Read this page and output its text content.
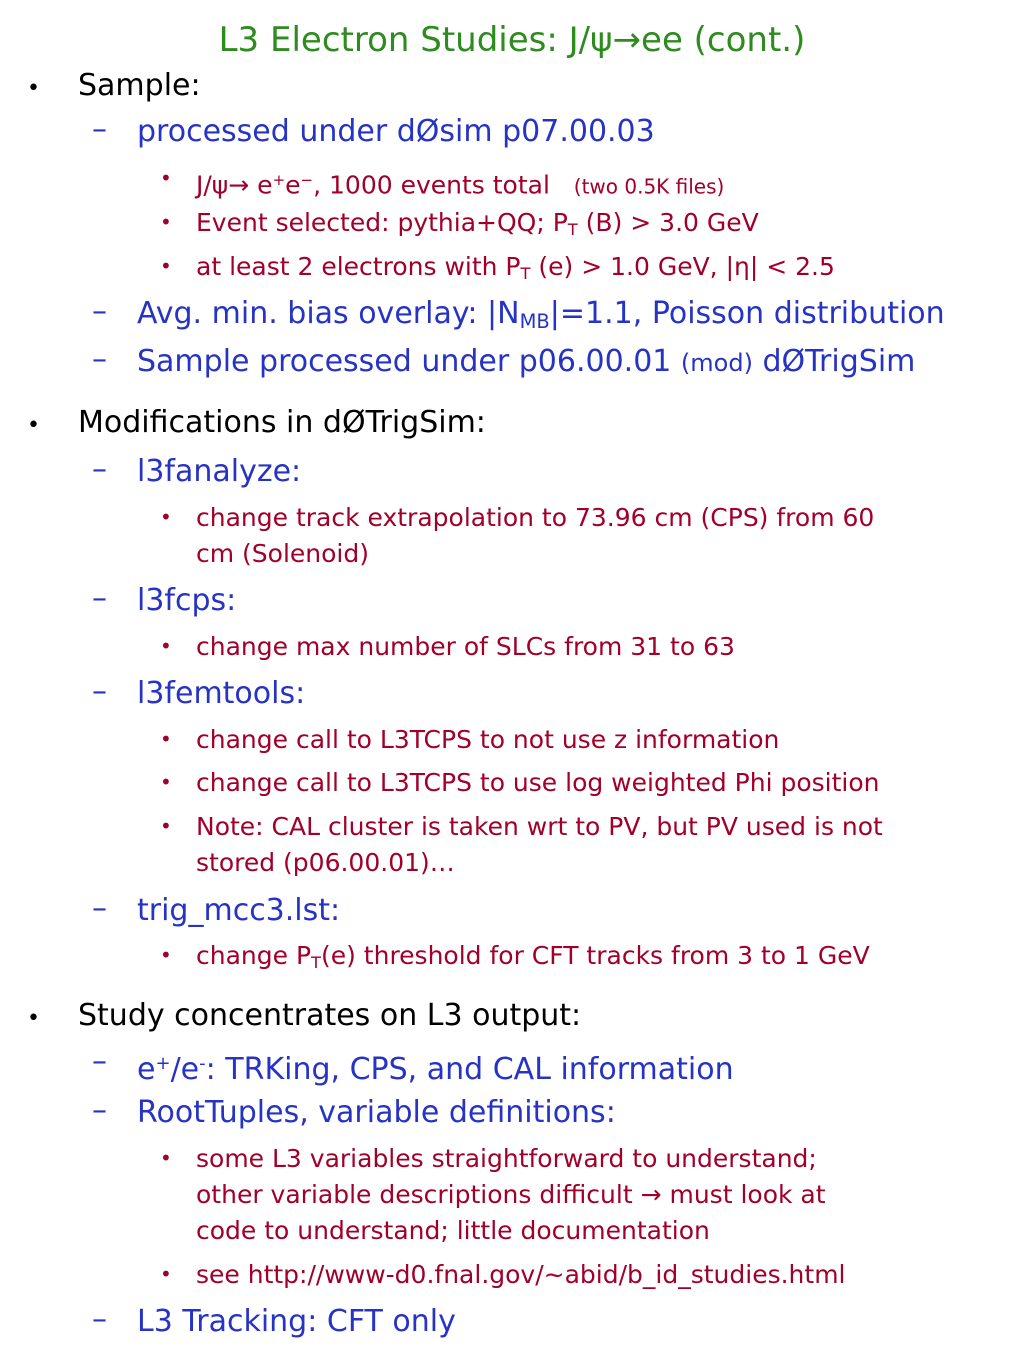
L3 Electron Studies: J/ψ→ee (cont.)
• Sample:
– processed under dØsim p07.00.03
• J/ψ→ e+e−, 1000 events total (two 0.5K files)
• Event selected: pythia+QQ; $P_T$ (B) > 3.0 GeV
• at least 2 electrons with $P_T$ (e) > 1.0 GeV, |η| < 2.5
– Avg. min. bias overlay: $|N_{MB}|=1.1$, Poisson distribution
– Sample processed under p06.00.01 (mod) dØTrigSim
• Modifications in dØTrigSim:
– l3fanalyze:
• change track extrapolation to 73.96 cm (CPS) from 60
cm (Solenoid)
– l3fcps:
• change max number of SLCs from 31 to 63
– l3femtools:
• change call to L3TCPS to not use z information
• change call to L3TCPS to use log weighted Phi position
• Note: CAL cluster is taken wrt to PV, but PV used is not
stored (p06.00.01)…
– trig_mcc3.lst:
• change $P_T(e)$ threshold for CFT tracks from 3 to 1 GeV
• Study concentrates on L3 output:
– e+/e-: TRKing, CPS, and CAL information
– RootTuples, variable definitions:
• some L3 variables straightforward to understand;
other variable descriptions difficult → must look at
code to understand; little documentation
• see http://www-d0.fnal.gov/~abid/b_id_studies.html
– L3 Tracking: CFT only
